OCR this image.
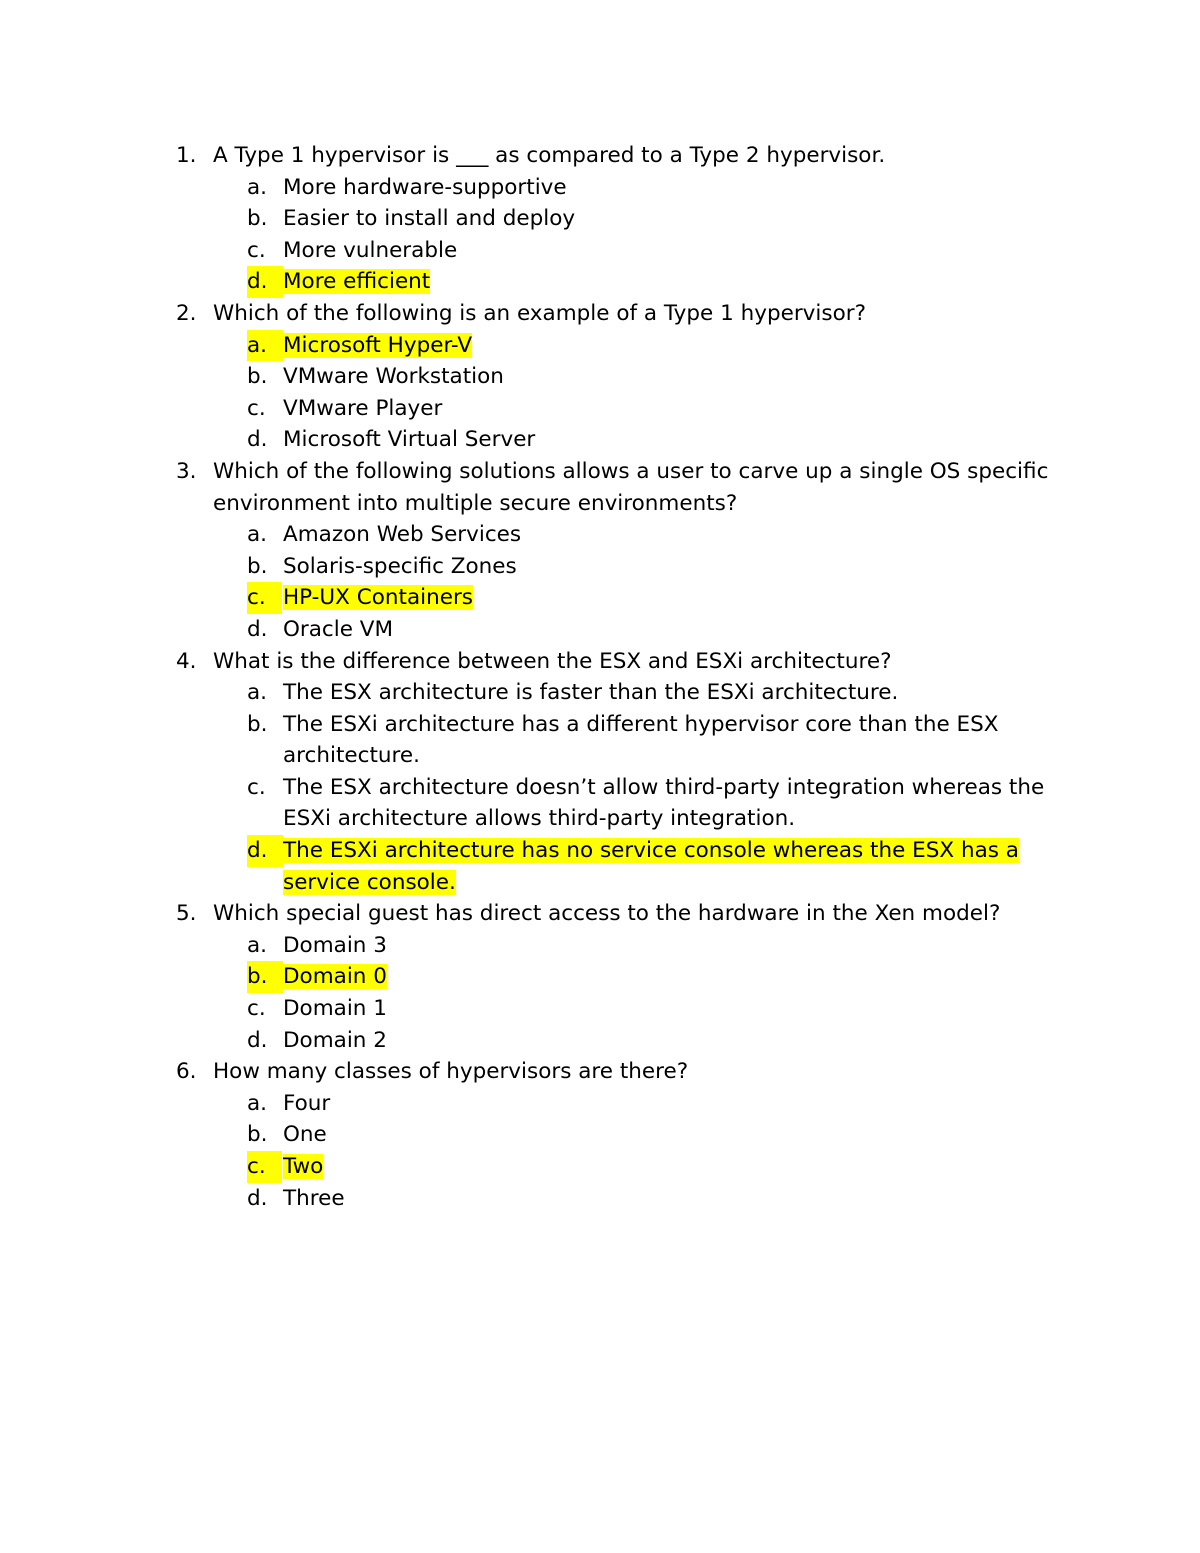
1. A Type 1 hypervisor is ___ as compared to a Type 2 hypervisor.
a. More hardware-supportive
b. Easier to install and deploy
c. More vulnerable
d. More efficient
2. Which of the following is an example of a Type 1 hypervisor?
a. Microsoft Hyper-V
b. VMware Workstation
c. VMware Player
d. Microsoft Virtual Server
3. Which of the following solutions allows a user to carve up a single OS specific environment into multiple secure environments?
a. Amazon Web Services
b. Solaris-specific Zones
c. HP-UX Containers
d. Oracle VM
4. What is the difference between the ESX and ESXi architecture?
a. The ESX architecture is faster than the ESXi architecture.
b. The ESXi architecture has a different hypervisor core than the ESX architecture.
c. The ESX architecture doesn’t allow third-party integration whereas the ESXi architecture allows third-party integration.
d. The ESXi architecture has no service console whereas the ESX has a service console.
5. Which special guest has direct access to the hardware in the Xen model?
a. Domain 3
b. Domain 0
c. Domain 1
d. Domain 2
6. How many classes of hypervisors are there?
a. Four
b. One
c. Two
d. Three
